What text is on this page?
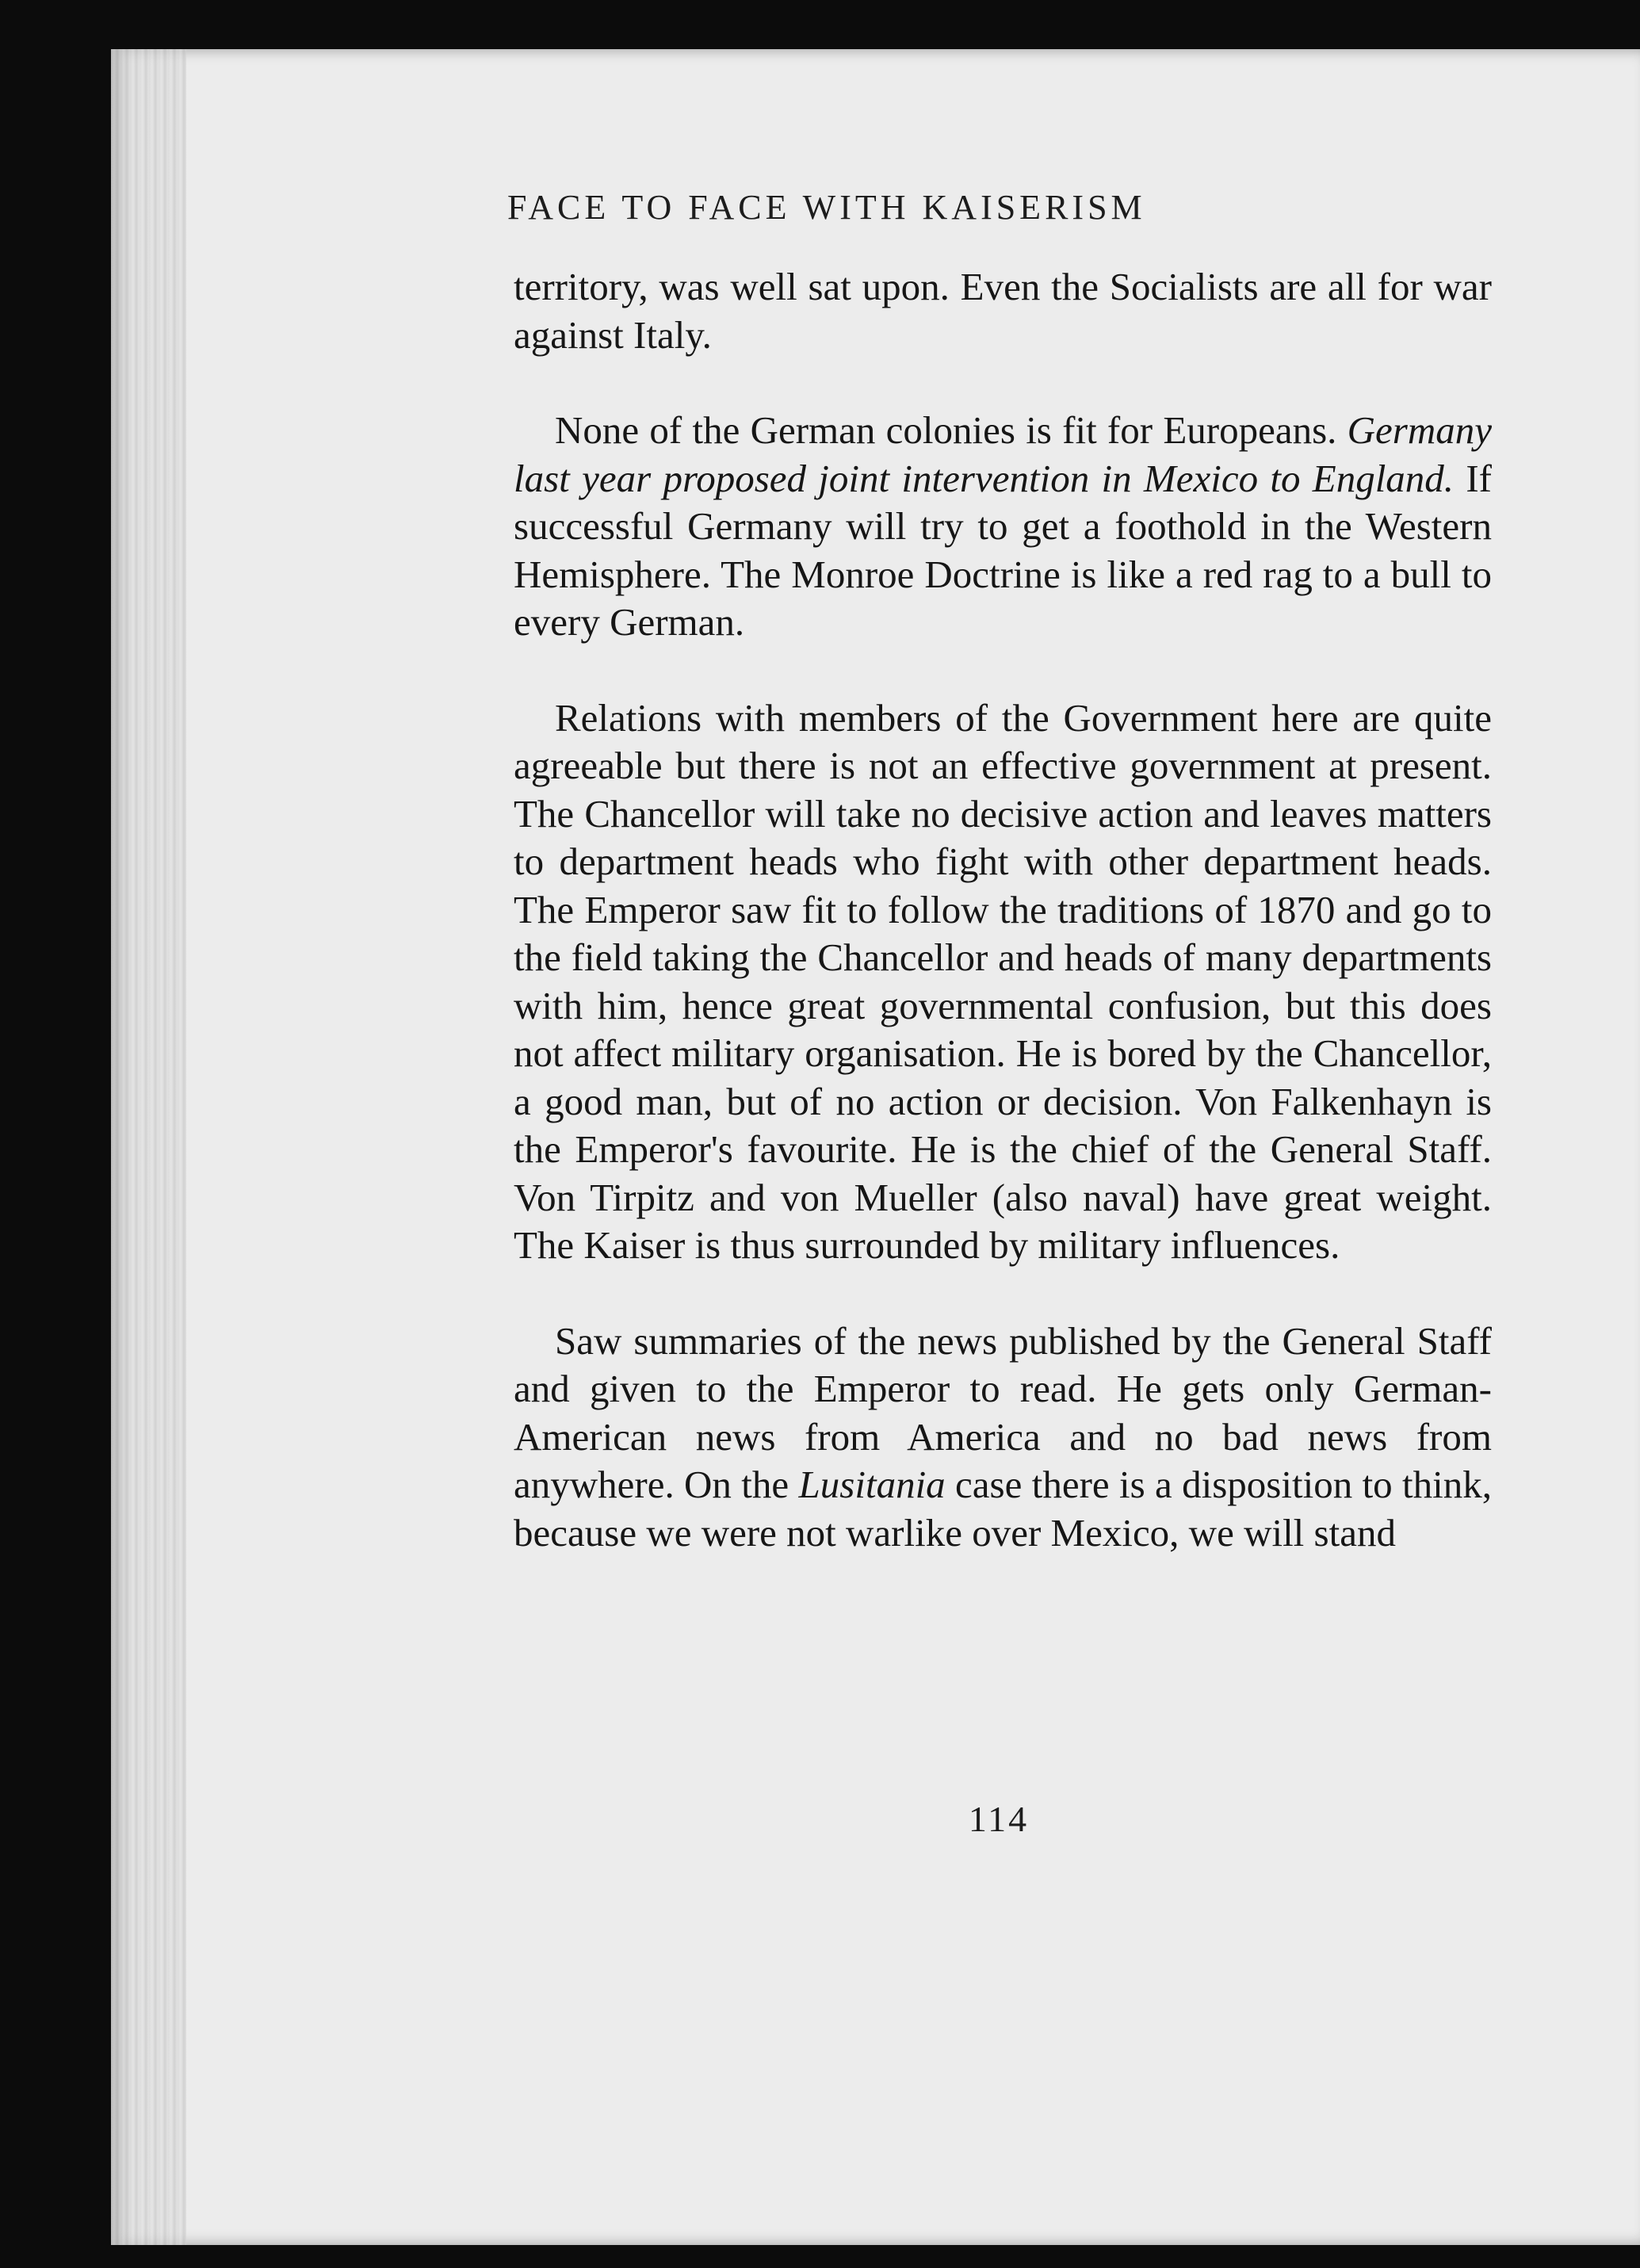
FACE TO FACE WITH KAISERISM

territory, was well sat upon. Even the Socialists are all for war against Italy.

None of the German colonies is fit for Europeans. Germany last year proposed joint intervention in Mexico to England. If successful Germany will try to get a foothold in the Western Hemisphere. The Monroe Doctrine is like a red rag to a bull to every German.

Relations with members of the Government here are quite agreeable but there is not an effective government at present. The Chancellor will take no decisive action and leaves matters to department heads who fight with other department heads. The Emperor saw fit to follow the traditions of 1870 and go to the field taking the Chancellor and heads of many departments with him, hence great governmental confusion, but this does not affect military organisation. He is bored by the Chancellor, a good man, but of no action or decision. Von Falkenhayn is the Emperor's favourite. He is the chief of the General Staff. Von Tirpitz and von Mueller (also naval) have great weight. The Kaiser is thus surrounded by military influences.

Saw summaries of the news published by the General Staff and given to the Emperor to read. He gets only German-American news from America and no bad news from anywhere. On the Lusitania case there is a disposition to think, because we were not warlike over Mexico, we will stand

114
